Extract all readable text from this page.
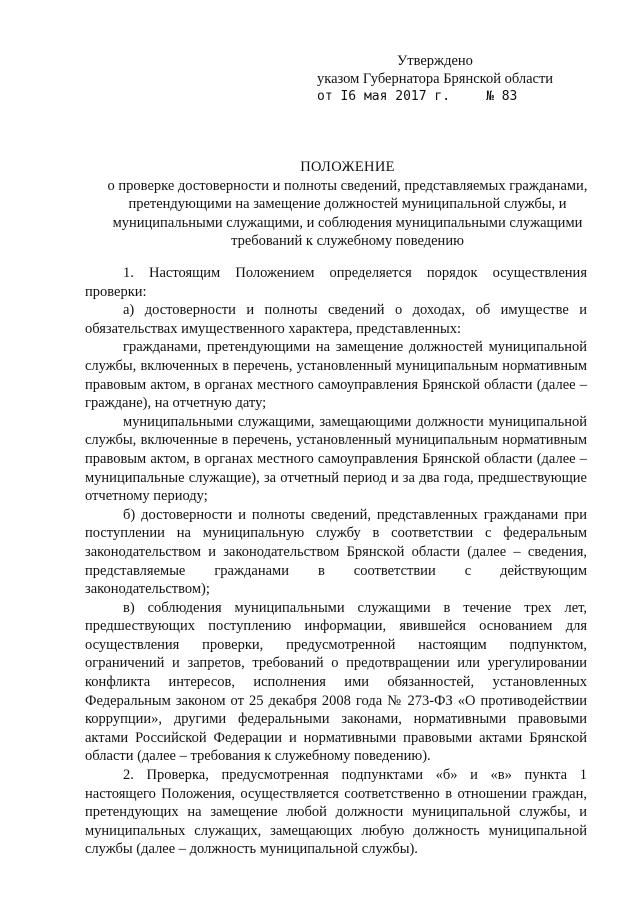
Утверждено
указом Губернатора Брянской области
от I6 мая 2017 г.	№ 83
ПОЛОЖЕНИЕ
о проверке достоверности и полноты сведений, представляемых гражданами, претендующими на замещение должностей муниципальной службы, и муниципальными служащими, и соблюдения муниципальными служащими требований к служебному поведению

1. Настоящим Положением определяется порядок осуществления проверки:

а) достоверности и полноты сведений о доходах, об имуществе и обязательствах имущественного характера, представленных:

гражданами, претендующими на замещение должностей муниципальной службы, включенных в перечень, установленный муниципальным нормативным правовым актом, в органах местного самоуправления Брянской области (далее – граждане), на отчетную дату;

муниципальными служащими, замещающими должности муниципальной службы, включенные в перечень, установленный муниципальным нормативным правовым актом, в органах местного самоуправления Брянской области (далее – муниципальные служащие), за отчетный период и за два года, предшествующие отчетному периоду;

б) достоверности и полноты сведений, представленных гражданами при поступлении на муниципальную службу в соответствии с федеральным законодательством и законодательством Брянской области (далее – сведения, представляемые гражданами в соответствии с действующим законодательством);

в) соблюдения муниципальными служащими в течение трех лет, предшествующих поступлению информации, явившейся основанием для осуществления проверки, предусмотренной настоящим подпунктом, ограничений и запретов, требований о предотвращении или урегулировании конфликта интересов, исполнения ими обязанностей, установленных Федеральным законом от 25 декабря 2008 года № 273-ФЗ «О противодействии коррупции», другими федеральными законами, нормативными правовыми актами Российской Федерации и нормативными правовыми актами Брянской области (далее – требования к служебному поведению).

2. Проверка, предусмотренная подпунктами «б» и «в» пункта 1 настоящего Положения, осуществляется соответственно в отношении граждан, претендующих на замещение любой должности муниципальной службы, и муниципальных служащих, замещающих любую должность муниципальной службы (далее – должность муниципальной службы).
